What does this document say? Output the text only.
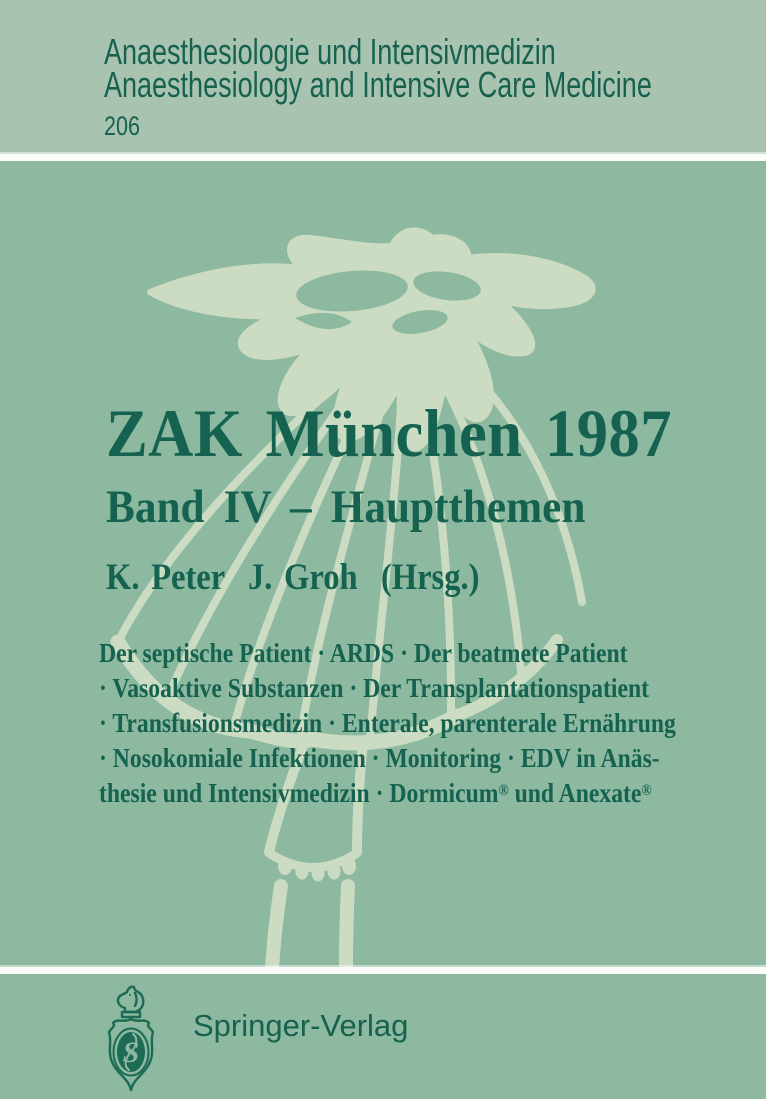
Anaesthesiologie und Intensivmedizin
Anaesthesiology and Intensive Care Medicine
206
ZAK München 1987
Band IV – Hauptthemen
K. Peter  J. Groh  (Hrsg.)
Der septische Patient · ARDS · Der beatmete Patient
· Vasoaktive Substanzen · Der Transplantationspatient
· Transfusionsmedizin · Enterale, parenterale Ernährung
· Nosokomiale Infektionen · Monitoring · EDV in Anäs-
thesie und Intensivmedizin · Dormicum® und Anexate®
S
Springer-Verlag
